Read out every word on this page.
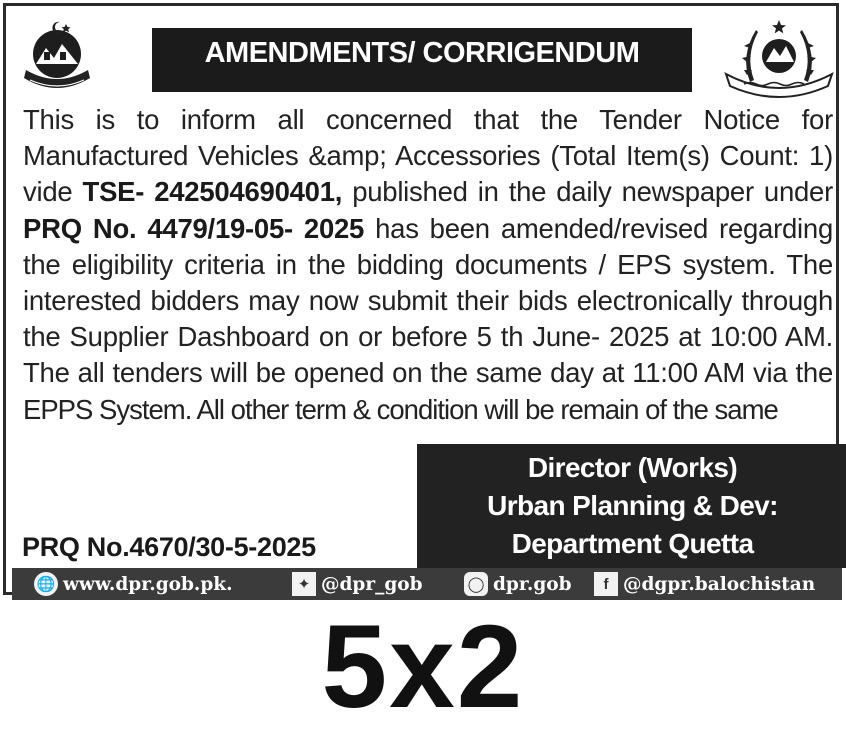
AMENDMENTS/ CORRIGENDUM
This is to inform all concerned that the Tender Notice for
Manufactured Vehicles &amp; Accessories (Total Item(s) Count: 1)
vide TSE- 242504690401, published in the daily newspaper under
PRQ No. 4479/19-05- 2025 has been amended/revised regarding
the eligibility criteria in the bidding documents / EPS system. The
interested bidders may now submit their bids electronically through
the Supplier Dashboard on or before 5 th June- 2025 at 10:00 AM.
The all tenders will be opened on the same day at 11:00 AM via the
EPPS System. All other term & condition will be remain of the same
Director (Works)
Urban Planning & Dev:
Department Quetta
PRQ No.4670/30-5-2025
🌐 www.dpr.gob.pk.	✦ @dpr_gob	◯ dpr.gob	f @dgpr.balochistan
5x2
